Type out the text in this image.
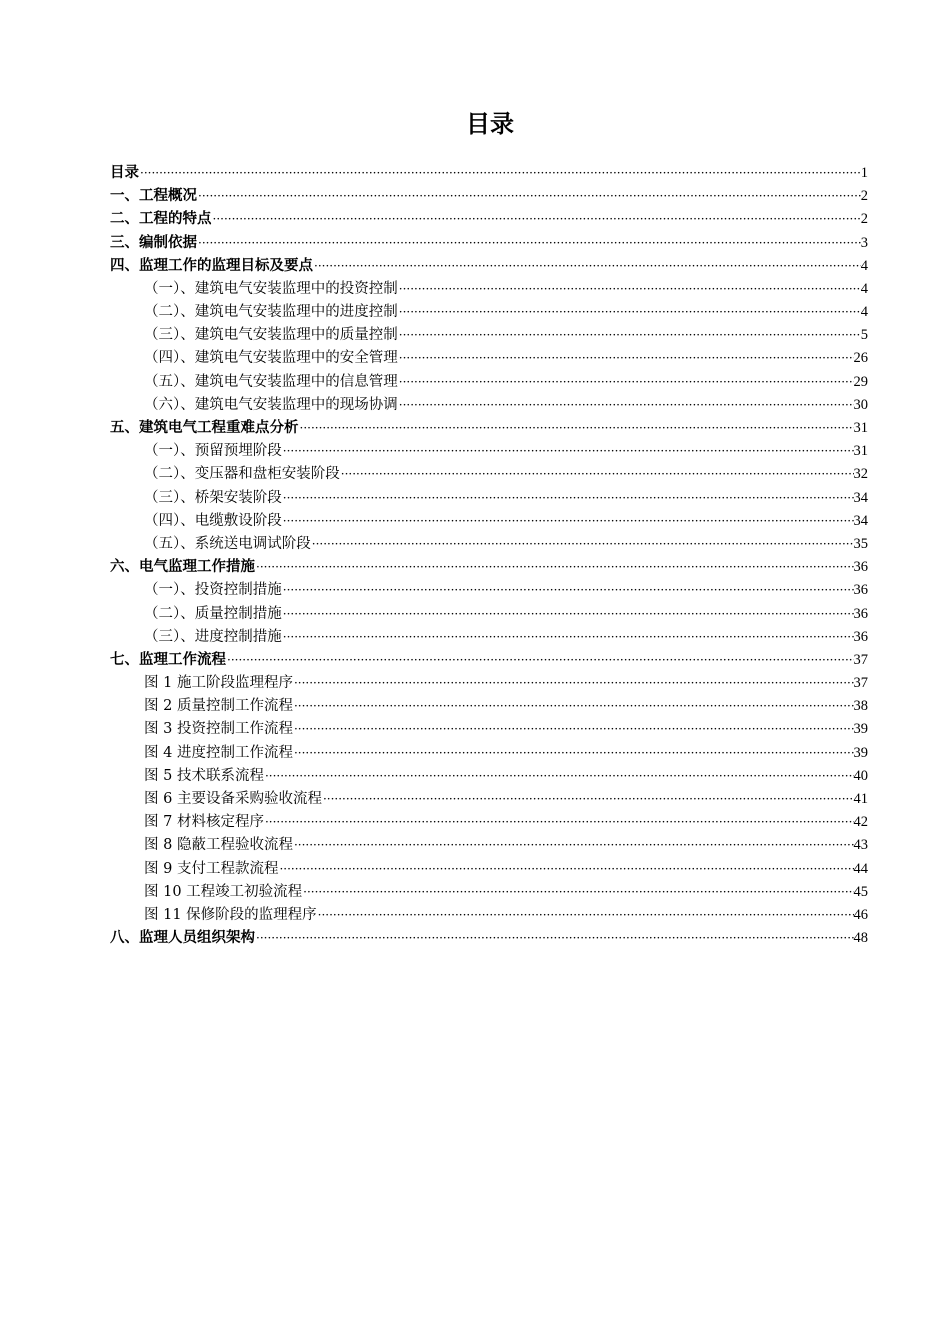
目录
目录 ·····	1
一、工程概况 ·····	2
二、工程的特点 ·····	2
三、编制依据 ·····	3
四、监理工作的监理目标及要点 ·····	4
（一）、建筑电气安装监理中的投资控制 ·····	4
（二）、建筑电气安装监理中的进度控制 ·····	4
（三）、建筑电气安装监理中的质量控制 ·····	5
（四）、建筑电气安装监理中的安全管理 ·····	26
（五）、建筑电气安装监理中的信息管理 ·····	29
（六）、建筑电气安装监理中的现场协调 ·····	30
五、建筑电气工程重难点分析 ·····	31
（一）、预留预埋阶段 ·····	31
（二）、变压器和盘柜安装阶段 ·····	32
（三）、桥架安装阶段 ·····	34
（四）、电缆敷设阶段 ·····	34
（五）、系统送电调试阶段 ·····	35
六、电气监理工作措施 ·····	36
（一）、投资控制措施 ·····	36
（二）、质量控制措施 ·····	36
（三）、进度控制措施 ·····	36
七、监理工作流程 ·····	37
图 1 施工阶段监理程序 ·····	37
图 2 质量控制工作流程 ·····	38
图 3 投资控制工作流程 ·····	39
图 4 进度控制工作流程 ·····	39
图 5 技术联系流程 ·····	40
图 6 主要设备采购验收流程 ·····	41
图 7 材料核定程序 ·····	42
图 8 隐蔽工程验收流程 ·····	43
图 9 支付工程款流程 ·····	44
图 10 工程竣工初验流程 ·····	45
图 11 保修阶段的监理程序 ·····	46
八、监理人员组织架构 ·····	48
